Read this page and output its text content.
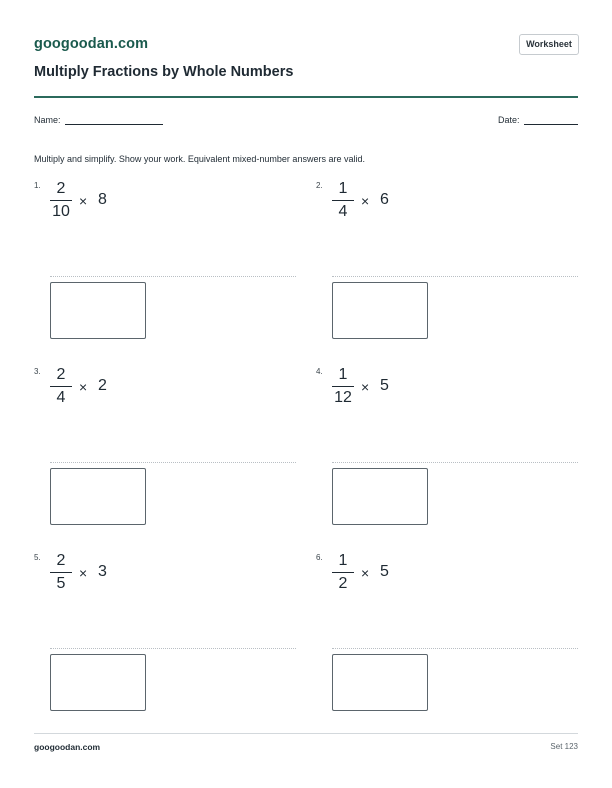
googoodan.com	Worksheet
Multiply Fractions by Whole Numbers
Name:	Date:
Multiply and simplify. Show your work. Equivalent mixed-number answers are valid.
1. 2
10
× 8
2. 1
4
× 6
3. 2
4
× 2
4. 1
12
× 5
5. 2
5
× 3
6. 1
2
× 5
googoodan.com	Set 123
